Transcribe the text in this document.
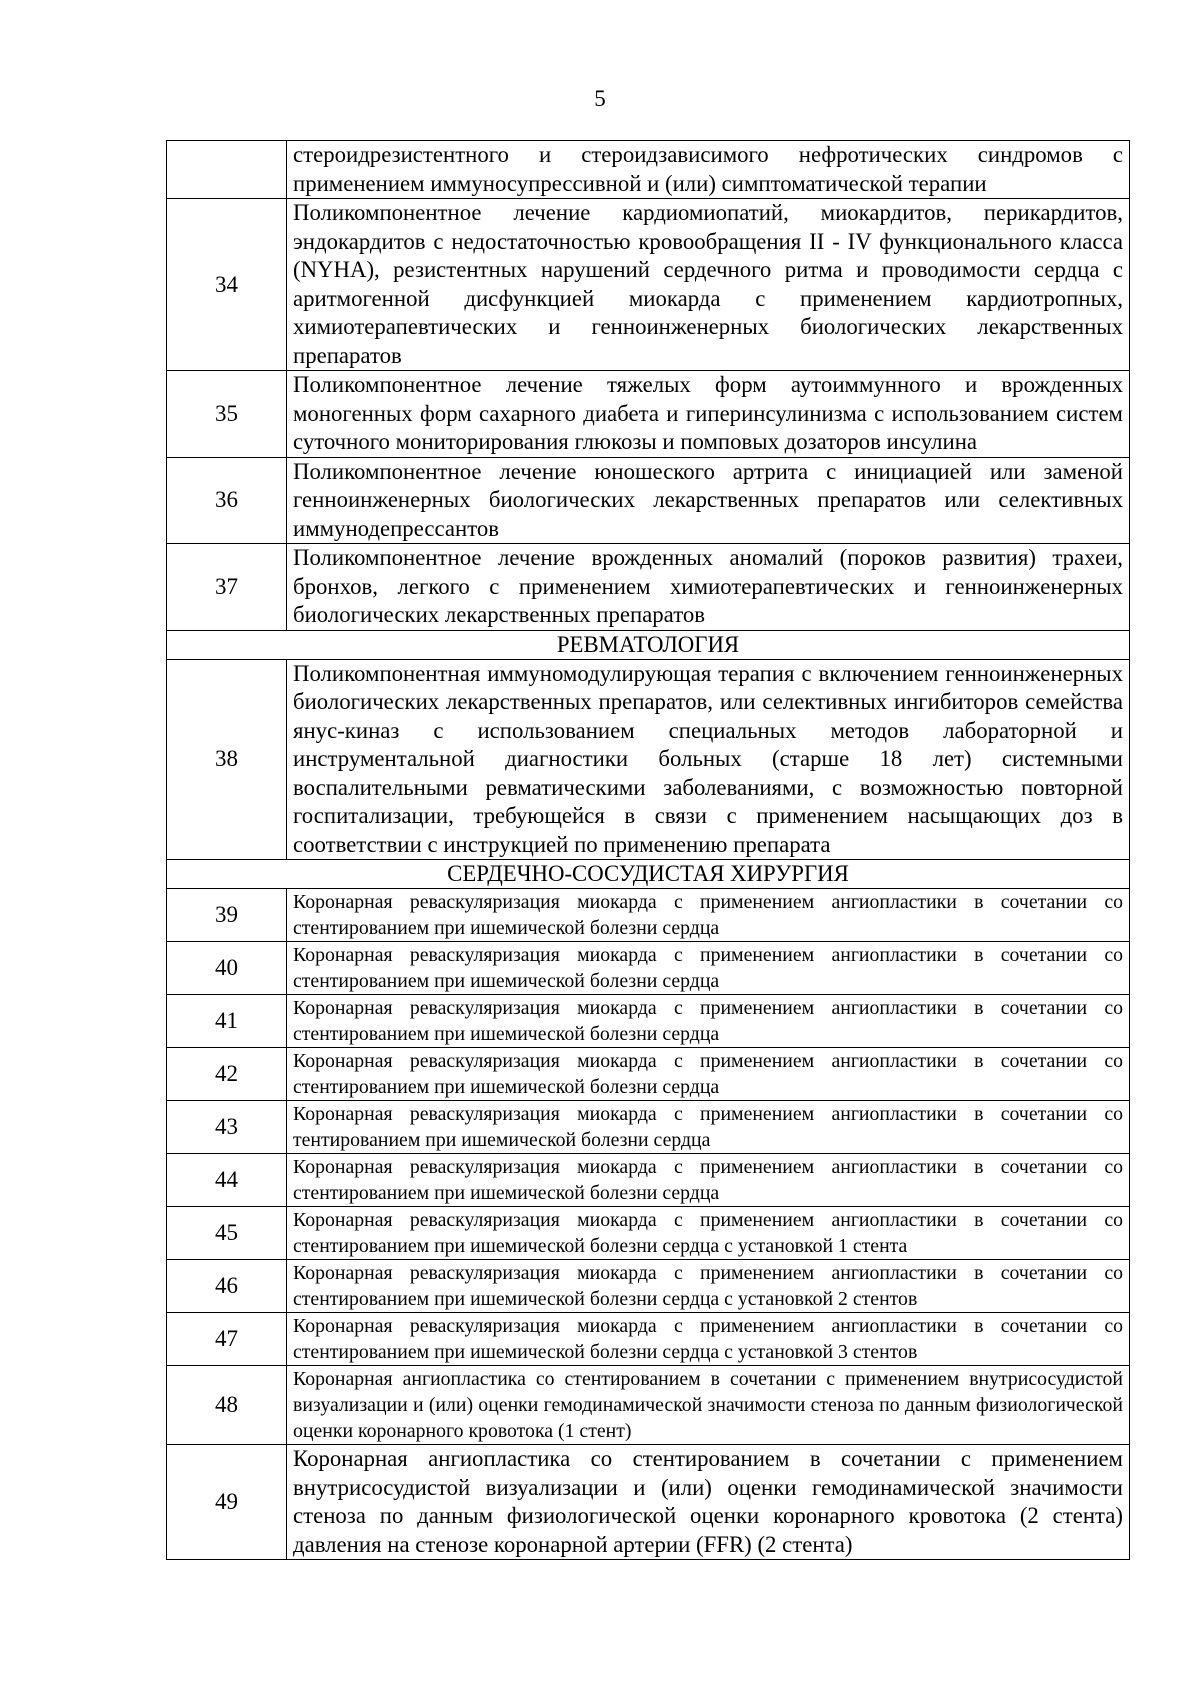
5
	стероидрезистентного и стероидзависимого нефротических синдромов с применением иммуносупрессивной и (или) симптоматической терапии
34	Поликомпонентное лечение кардиомиопатий, миокардитов, перикардитов, эндокардитов с недостаточностью кровообращения II - IV функционального класса (NYHA), резистентных нарушений сердечного ритма и проводимости сердца с аритмогенной дисфункцией миокарда с применением кардиотропных, химиотерапевтических и генноинженерных биологических лекарственных препаратов
35	Поликомпонентное лечение тяжелых форм аутоиммунного и врожденных моногенных форм сахарного диабета и гиперинсулинизма с использованием систем суточного мониторирования глюкозы и помповых дозаторов инсулина
36	Поликомпонентное лечение юношеского артрита с инициацией или заменой генноинженерных биологических лекарственных препаратов или селективных иммунодепрессантов
37	Поликомпонентное лечение врожденных аномалий (пороков развития) трахеи, бронхов, легкого с применением химиотерапевтических и генноинженерных биологических лекарственных препаратов
РЕВМАТОЛОГИЯ	
38	Поликомпонентная иммуномодулирующая терапия с включением генноинженерных биологических лекарственных препаратов, или селективных ингибиторов семейства янус-киназ с использованием специальных методов лабораторной и инструментальной диагностики больных (старше 18 лет) системными воспалительными ревматическими заболеваниями, с возможностью повторной госпитализации, требующейся в связи с применением насыщающих доз в соответствии с инструкцией по применению препарата
СЕРДЕЧНО-СОСУДИСТАЯ ХИРУРГИЯ	
39	Коронарная реваскуляризация миокарда с применением ангиопластики в сочетании со стентированием при ишемической болезни сердца
40	Коронарная реваскуляризация миокарда с применением ангиопластики в сочетании со стентированием при ишемической болезни сердца
41	Коронарная реваскуляризация миокарда с применением ангиопластики в сочетании со стентированием при ишемической болезни сердца
42	Коронарная реваскуляризация миокарда с применением ангиопластики в сочетании со стентированием при ишемической болезни сердца
43	Коронарная реваскуляризация миокарда с применением ангиопластики в сочетании со тентированием при ишемической болезни сердца
44	Коронарная реваскуляризация миокарда с применением ангиопластики в сочетании со стентированием при ишемической болезни сердца
45	Коронарная реваскуляризация миокарда с применением ангиопластики в сочетании со стентированием при ишемической болезни сердца с установкой 1 стента
46	Коронарная реваскуляризация миокарда с применением ангиопластики в сочетании со стентированием при ишемической болезни сердца с установкой 2 стентов
47	Коронарная реваскуляризация миокарда с применением ангиопластики в сочетании со стентированием при ишемической болезни сердца с установкой 3 стентов
48	Коронарная ангиопластика со стентированием в сочетании с применением внутрисосудистой визуализации и (или) оценки гемодинамической значимости стеноза по данным физиологической оценки коронарного кровотока (1 стент)
49	Коронарная ангиопластика со стентированием в сочетании с применением внутрисосудистой визуализации и (или) оценки гемодинамической значимости стеноза по данным физиологической оценки коронарного кровотока (2 стента) давления на стенозе коронарной артерии (FFR) (2 стента)
